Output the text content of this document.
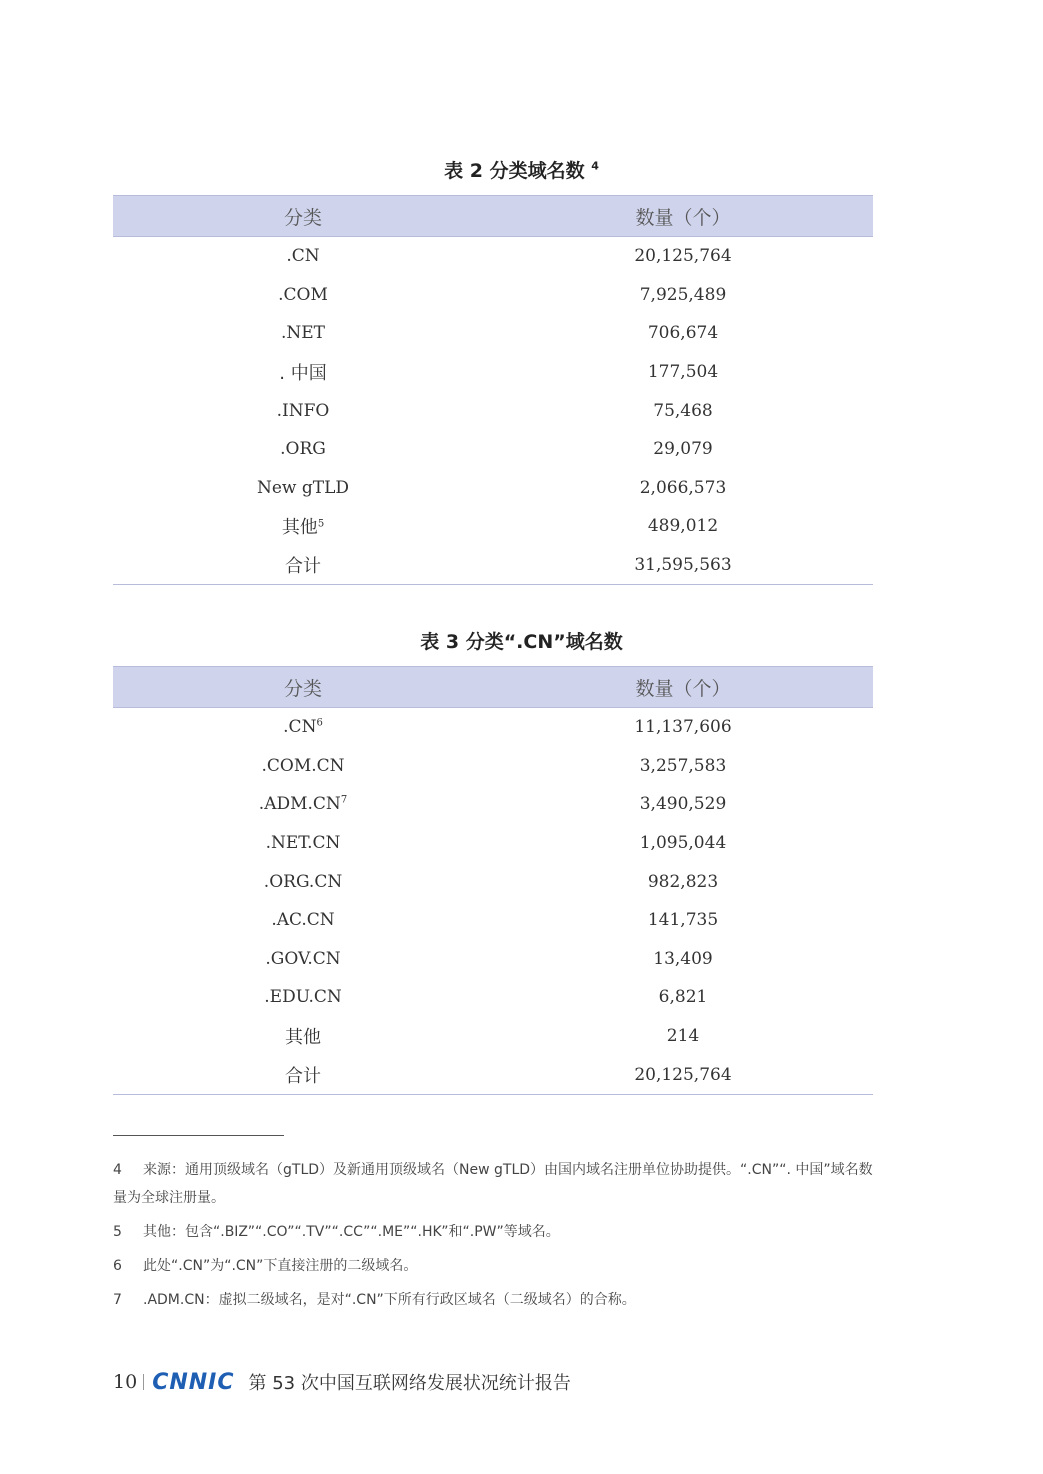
表 2 分类域名数 $^4$
分类	数量（个）
.CN	20,125,764
.COM	7,925,489
.NET	706,674
. 中国	177,504
.INFO	75,468
.ORG	29,079
New gTLD	2,066,573
其他$^5$	489,012
合计	31,595,563
表 3 分类“.CN”域名数
分类	数量（个）
$.CN^6$	11,137,606
.COM.CN	3,257,583
$.ADM.CN^7$	3,490,529
.NET.CN	1,095,044
.ORG.CN	982,823
.AC.CN	141,735
.GOV.CN	13,409
.EDU.CN	6,821
其他	214
合计	20,125,764
4 来源：通用顶级域名（gTLD）及新通用顶级域名（New gTLD）由国内域名注册单位协助提供。“.CN”“. 中国”域名数量为全球注册量。
5 其他：包含“.BIZ”“.CO”“.TV”“.CC”“.ME”“.HK”和“.PW”等域名。
6 此处“.CN”为“.CN”下直接注册的二级域名。
7 .ADM.CN：虚拟二级域名，是对“.CN”下所有行政区域名（二级域名）的合称。
10 CNNIC 第 53 次中国互联网络发展状况统计报告
